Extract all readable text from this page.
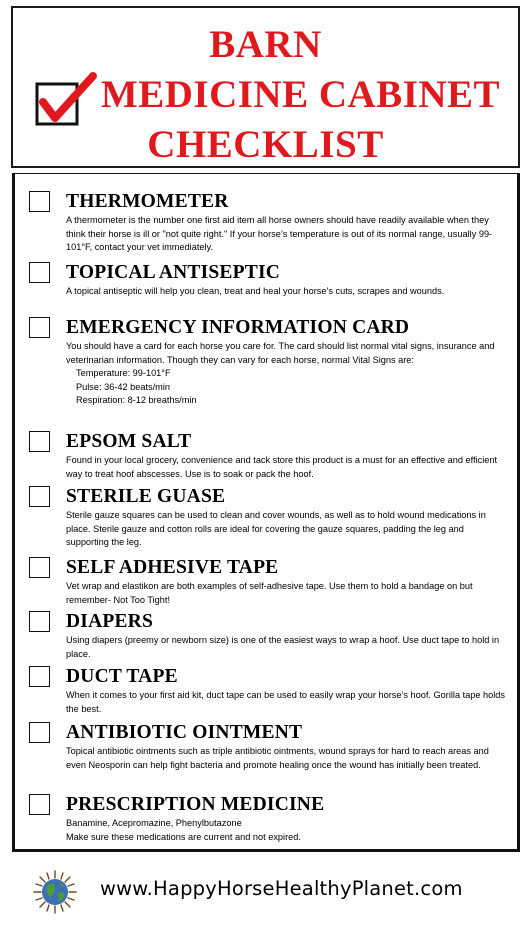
BARN
MEDICINE CABINET
CHECKLIST
THERMOMETER
A thermometer is the number one first aid item all horse owners should have readily available when they think their horse is ill or "not quite right." If your horse’s temperature is out of its normal range, usually 99-101°F, contact your vet immediately.
TOPICAL ANTISEPTIC
A topical antiseptic will help you clean, treat and heal your horse’s cuts, scrapes and wounds.
EMERGENCY INFORMATION CARD
You should have a card for each horse you care for. The card should list normal vital signs, insurance and veterinarian information. Though they can vary for each horse, normal Vital Signs are:
Temperature: 99-101°F
Pulse: 36-42 beats/min
Respiration: 8-12 breaths/min
EPSOM SALT
Found in your local grocery, convenience and tack store this product is a must for an effective and efficient way to treat hoof abscesses. Use is to soak or pack the hoof.
STERILE GUASE
Sterile gauze squares can be used to clean and cover wounds, as well as to hold wound medications in place. Sterile gauze and cotton rolls are ideal for covering the gauze squares, padding the leg and supporting the leg.
SELF ADHESIVE TAPE
Vet wrap and elastikon are both examples of self-adhesive tape. Use them to hold a bandage on but remember- Not Too Tight!
DIAPERS
Using diapers (preemy or newborn size) is one of the easiest ways to wrap a hoof. Use duct tape to hold in place.
DUCT TAPE
When it comes to your first aid kit, duct tape can be used to easily wrap your horse’s hoof. Gorilla tape holds the best.
ANTIBIOTIC OINTMENT
Topical antibiotic ointments such as triple antibiotic ointments, wound sprays for hard to reach areas and even Neosporin can help fight bacteria and promote healing once the wound has initially been treated.
PRESCRIPTION MEDICINE
Banamine, Acepromazine, Phenylbutazone
Make sure these medications are current and not expired.
www.HappyHorseHealthyPlanet.com
